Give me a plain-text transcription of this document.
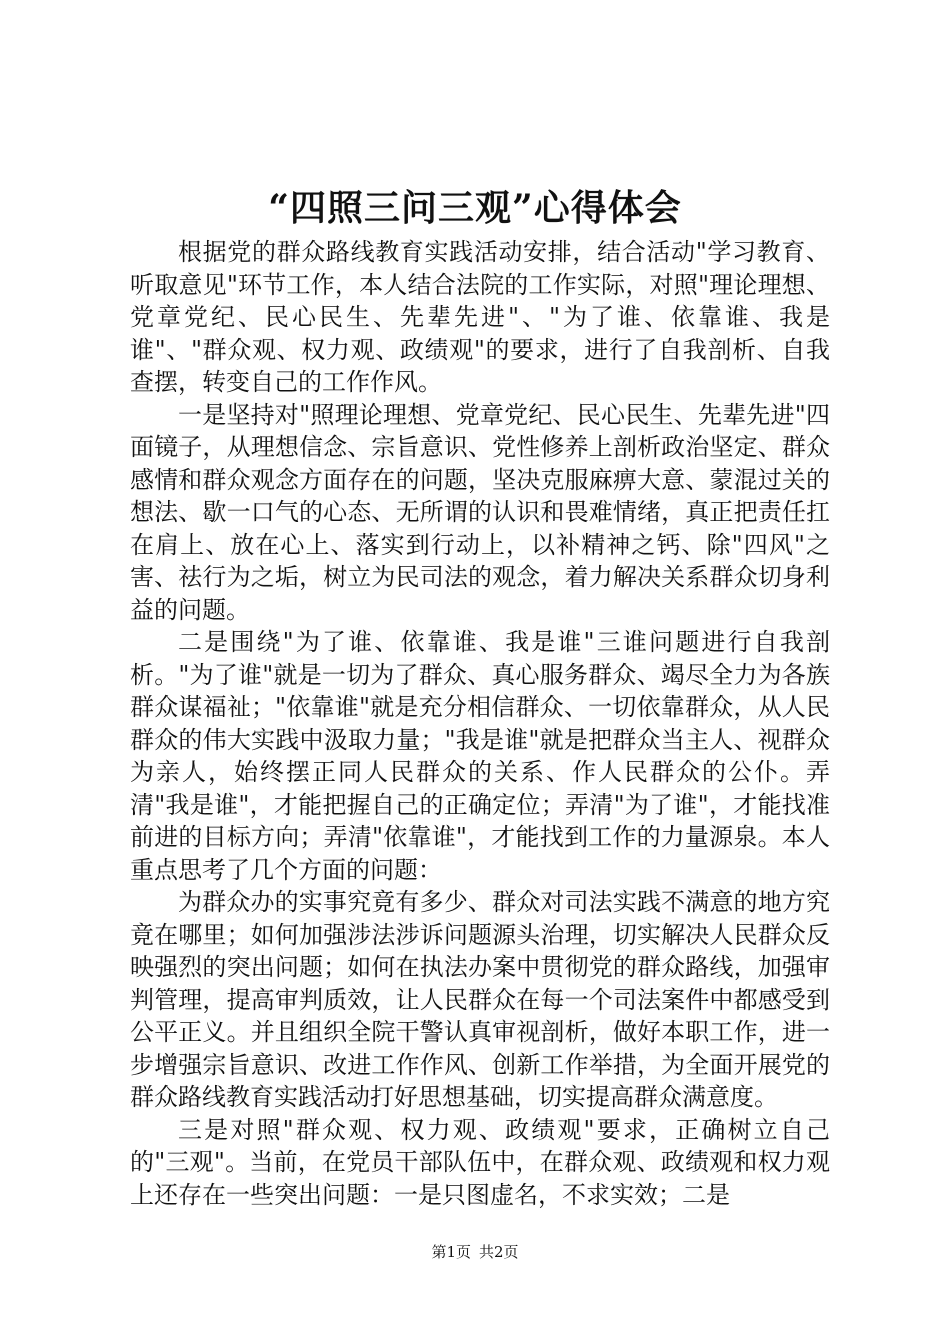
“四照三问三观”心得体会

根据党的群众路线教育实践活动安排，结合活动"学习教育、听取意见"环节工作，本人结合法院的工作实际，对照"理论理想、党章党纪、民心民生、先辈先进"、"为了谁、依靠谁、我是谁"、"群众观、权力观、政绩观"的要求，进行了自我剖析、自我查摆，转变自己的工作作风。

一是坚持对"照理论理想、党章党纪、民心民生、先辈先进"四面镜子，从理想信念、宗旨意识、党性修养上剖析政治坚定、群众感情和群众观念方面存在的问题，坚决克服麻痹大意、蒙混过关的想法、歇一口气的心态、无所谓的认识和畏难情绪，真正把责任扛在肩上、放在心上、落实到行动上，以补精神之钙、除"四风"之害、祛行为之垢，树立为民司法的观念，着力解决关系群众切身利益的问题。

二是围绕"为了谁、依靠谁、我是谁"三谁问题进行自我剖析。"为了谁"就是一切为了群众、真心服务群众、竭尽全力为各族群众谋福祉；"依靠谁"就是充分相信群众、一切依靠群众，从人民群众的伟大实践中汲取力量；"我是谁"就是把群众当主人、视群众为亲人，始终摆正同人民群众的关系、作人民群众的公仆。弄清"我是谁"，才能把握自己的正确定位；弄清"为了谁"，才能找准前进的目标方向；弄清"依靠谁"，才能找到工作的力量源泉。本人重点思考了几个方面的问题：

为群众办的实事究竟有多少、群众对司法实践不满意的地方究竟在哪里；如何加强涉法涉诉问题源头治理，切实解决人民群众反映强烈的突出问题；如何在执法办案中贯彻党的群众路线，加强审判管理，提高审判质效，让人民群众在每一个司法案件中都感受到公平正义。并且组织全院干警认真审视剖析，做好本职工作，进一步增强宗旨意识、改进工作作风、创新工作举措，为全面开展党的群众路线教育实践活动打好思想基础，切实提高群众满意度。

三是对照"群众观、权力观、政绩观"要求，正确树立自己的"三观"。当前，在党员干部队伍中，在群众观、政绩观和权力观上还存在一些突出问题：一是只图虚名，不求实效；二是

第1页 共2页
